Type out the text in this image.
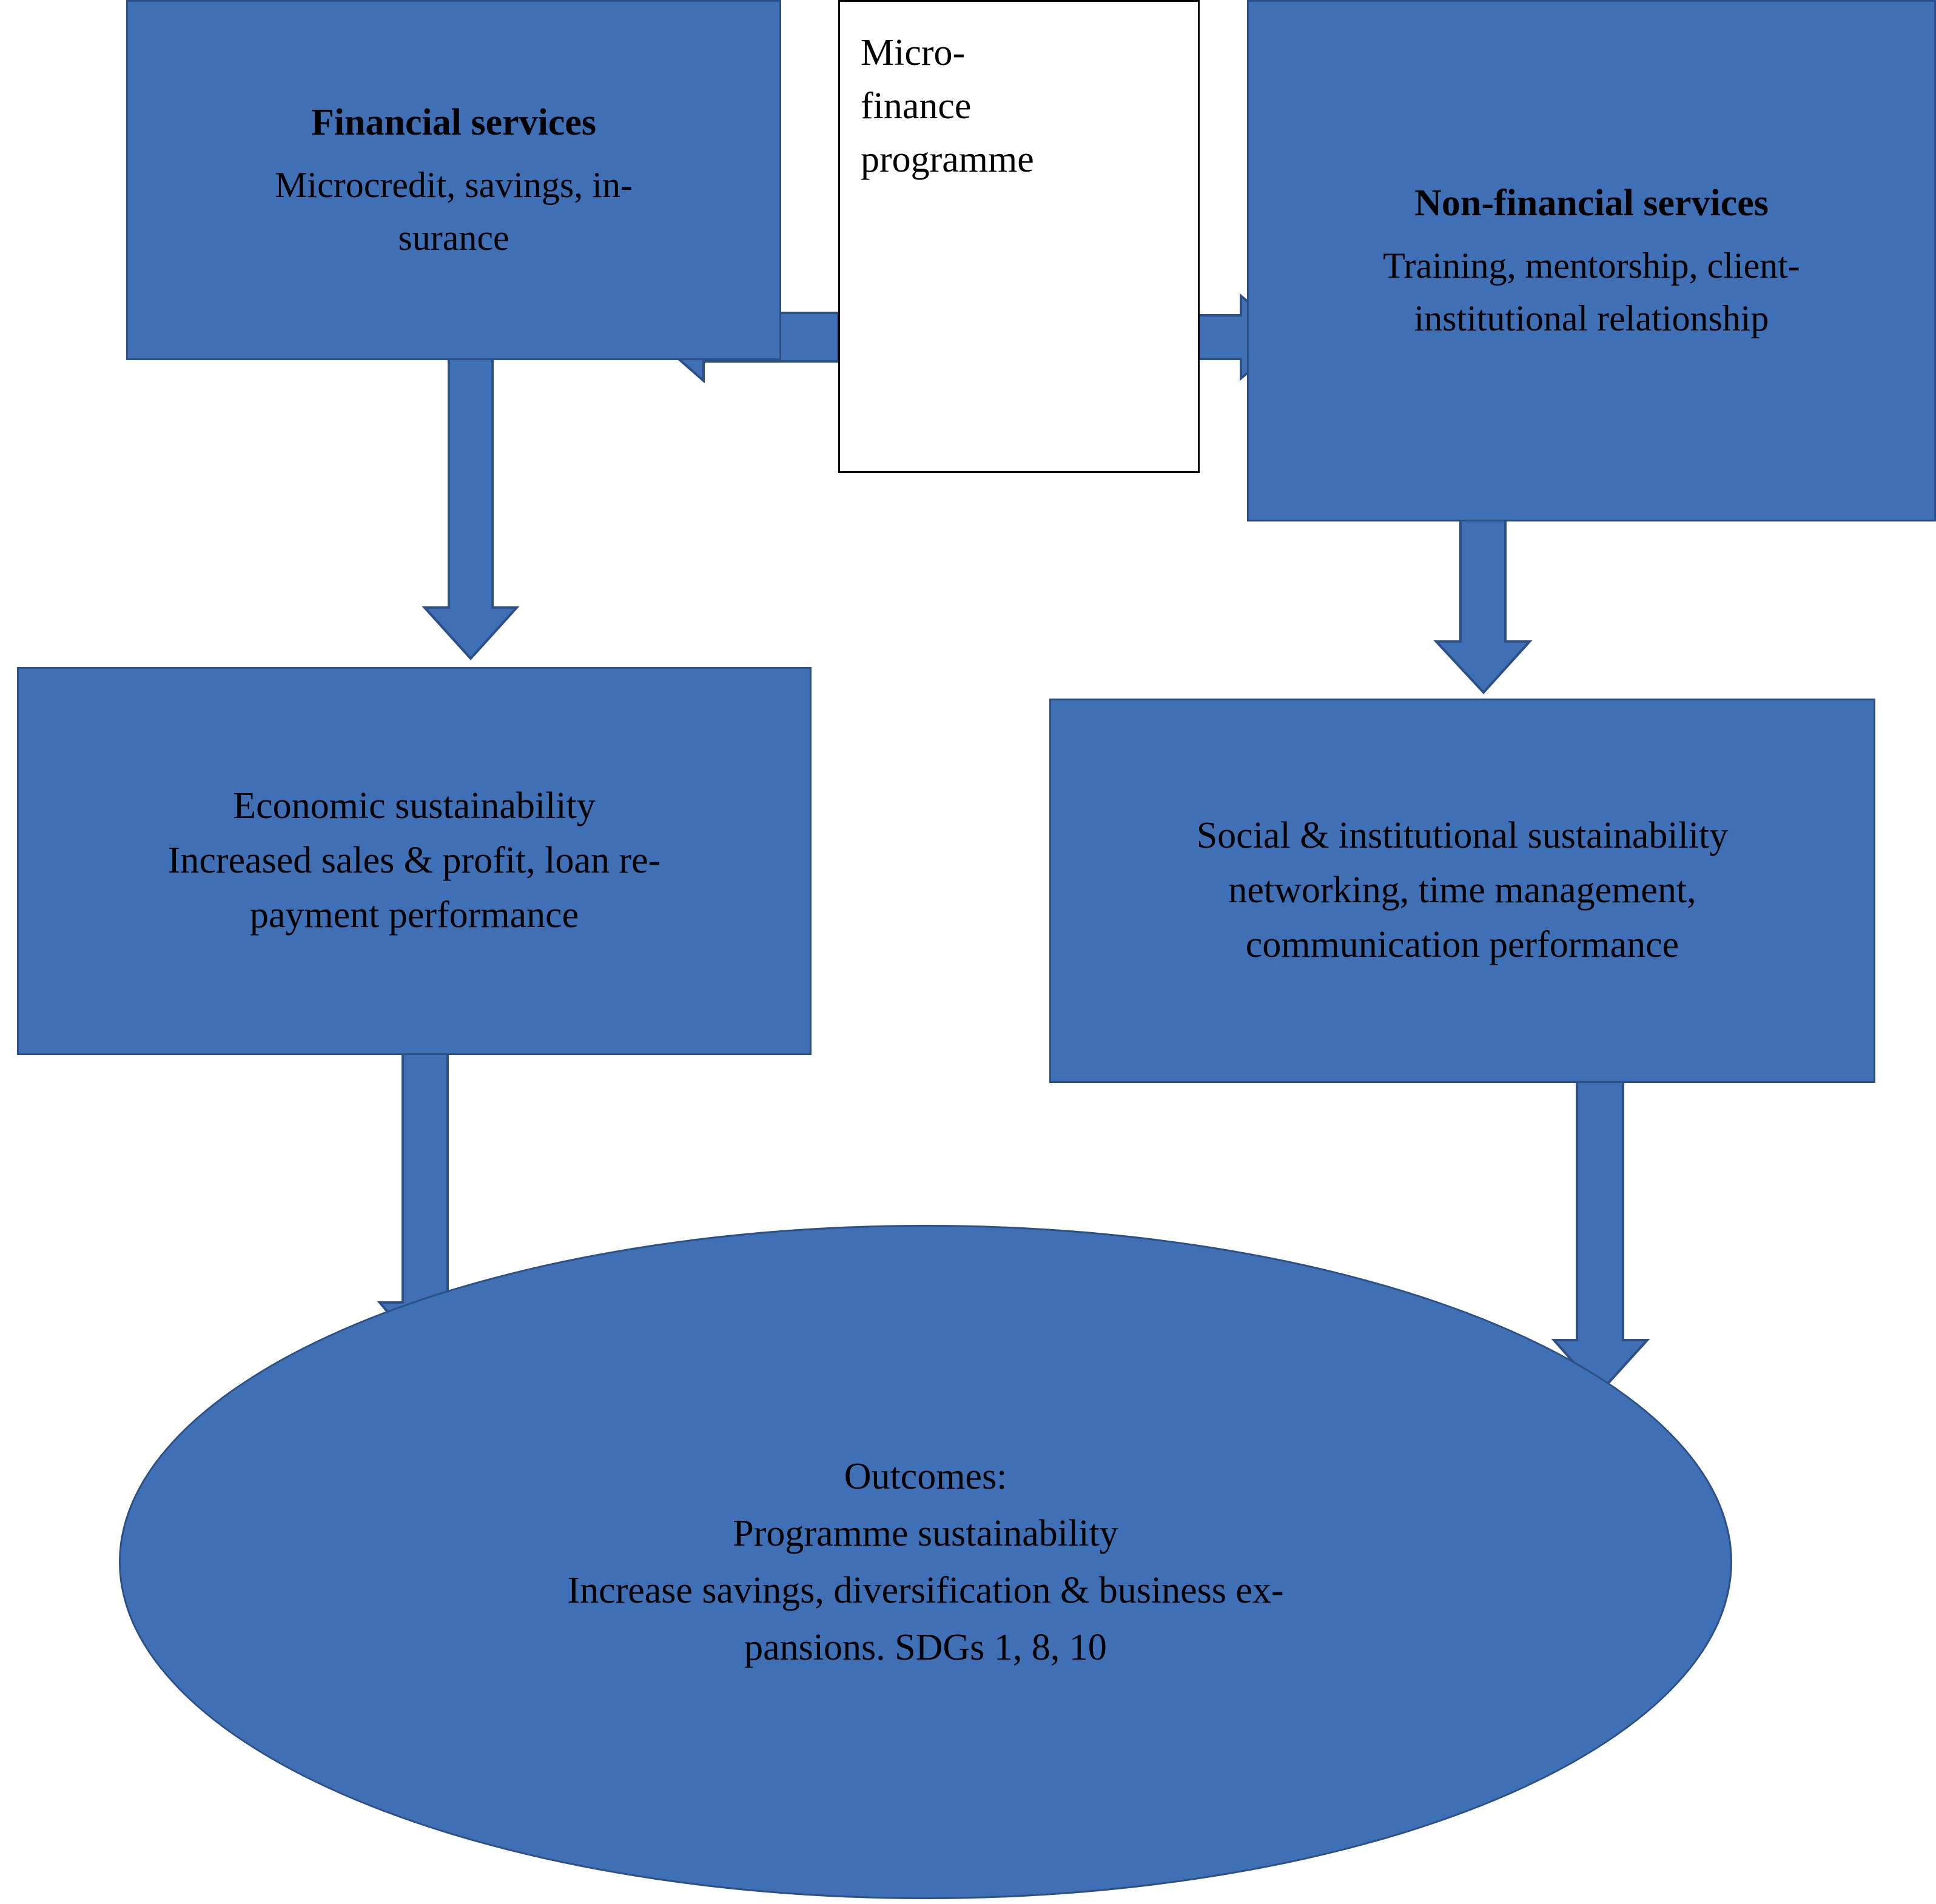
Financial services
Microcredit, savings, in-
surance
Micro-
finance
programme
Non-financial services
Training, mentorship, client-
institutional relationship
Economic sustainability
Increased sales & profit, loan re-
payment performance
Social & institutional sustainability
networking, time management,
communication performance
Outcomes:
Programme sustainability
Increase savings, diversification & business ex-
pansions. SDGs 1, 8, 10
